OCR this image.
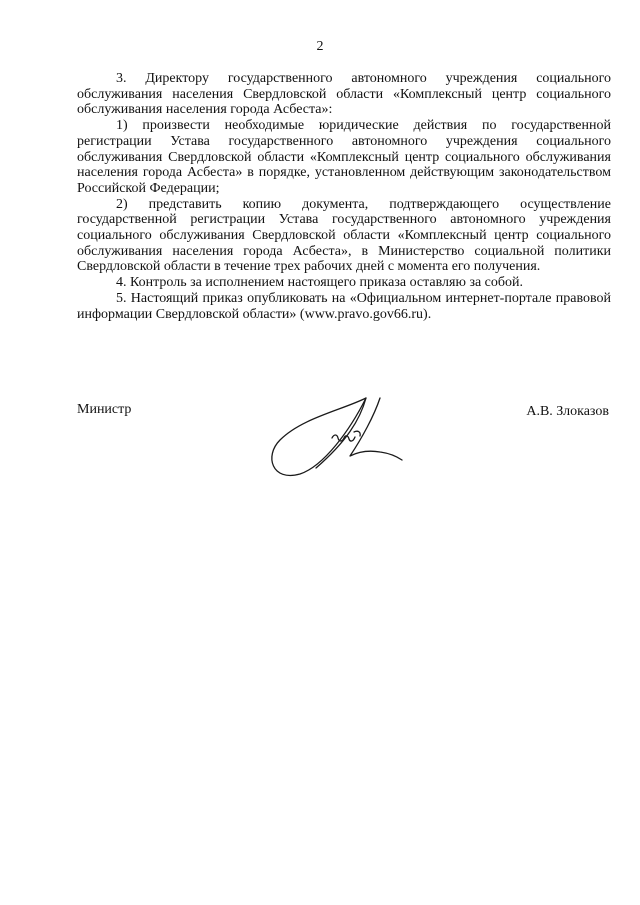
2

3. Директору государственного автономного учреждения социального обслуживания населения Свердловской области «Комплексный центр социального обслуживания населения города Асбеста»:

1) произвести необходимые юридические действия по государственной регистрации Устава государственного автономного учреждения социального обслуживания Свердловской области «Комплексный центр социального обслуживания населения города Асбеста» в порядке, установленном действующим законодательством Российской Федерации;

2) представить копию документа, подтверждающего осуществление государственной регистрации Устава государственного автономного учреждения социального обслуживания Свердловской области «Комплексный центр социального обслуживания населения города Асбеста», в Министерство социальной политики Свердловской области в течение трех рабочих дней с момента его получения.

4. Контроль за исполнением настоящего приказа оставляю за собой.

5. Настоящий приказ опубликовать на «Официальном интернет-портале правовой информации Свердловской области» (www.pravo.gov66.ru).

Министр	А.В. Злоказов
